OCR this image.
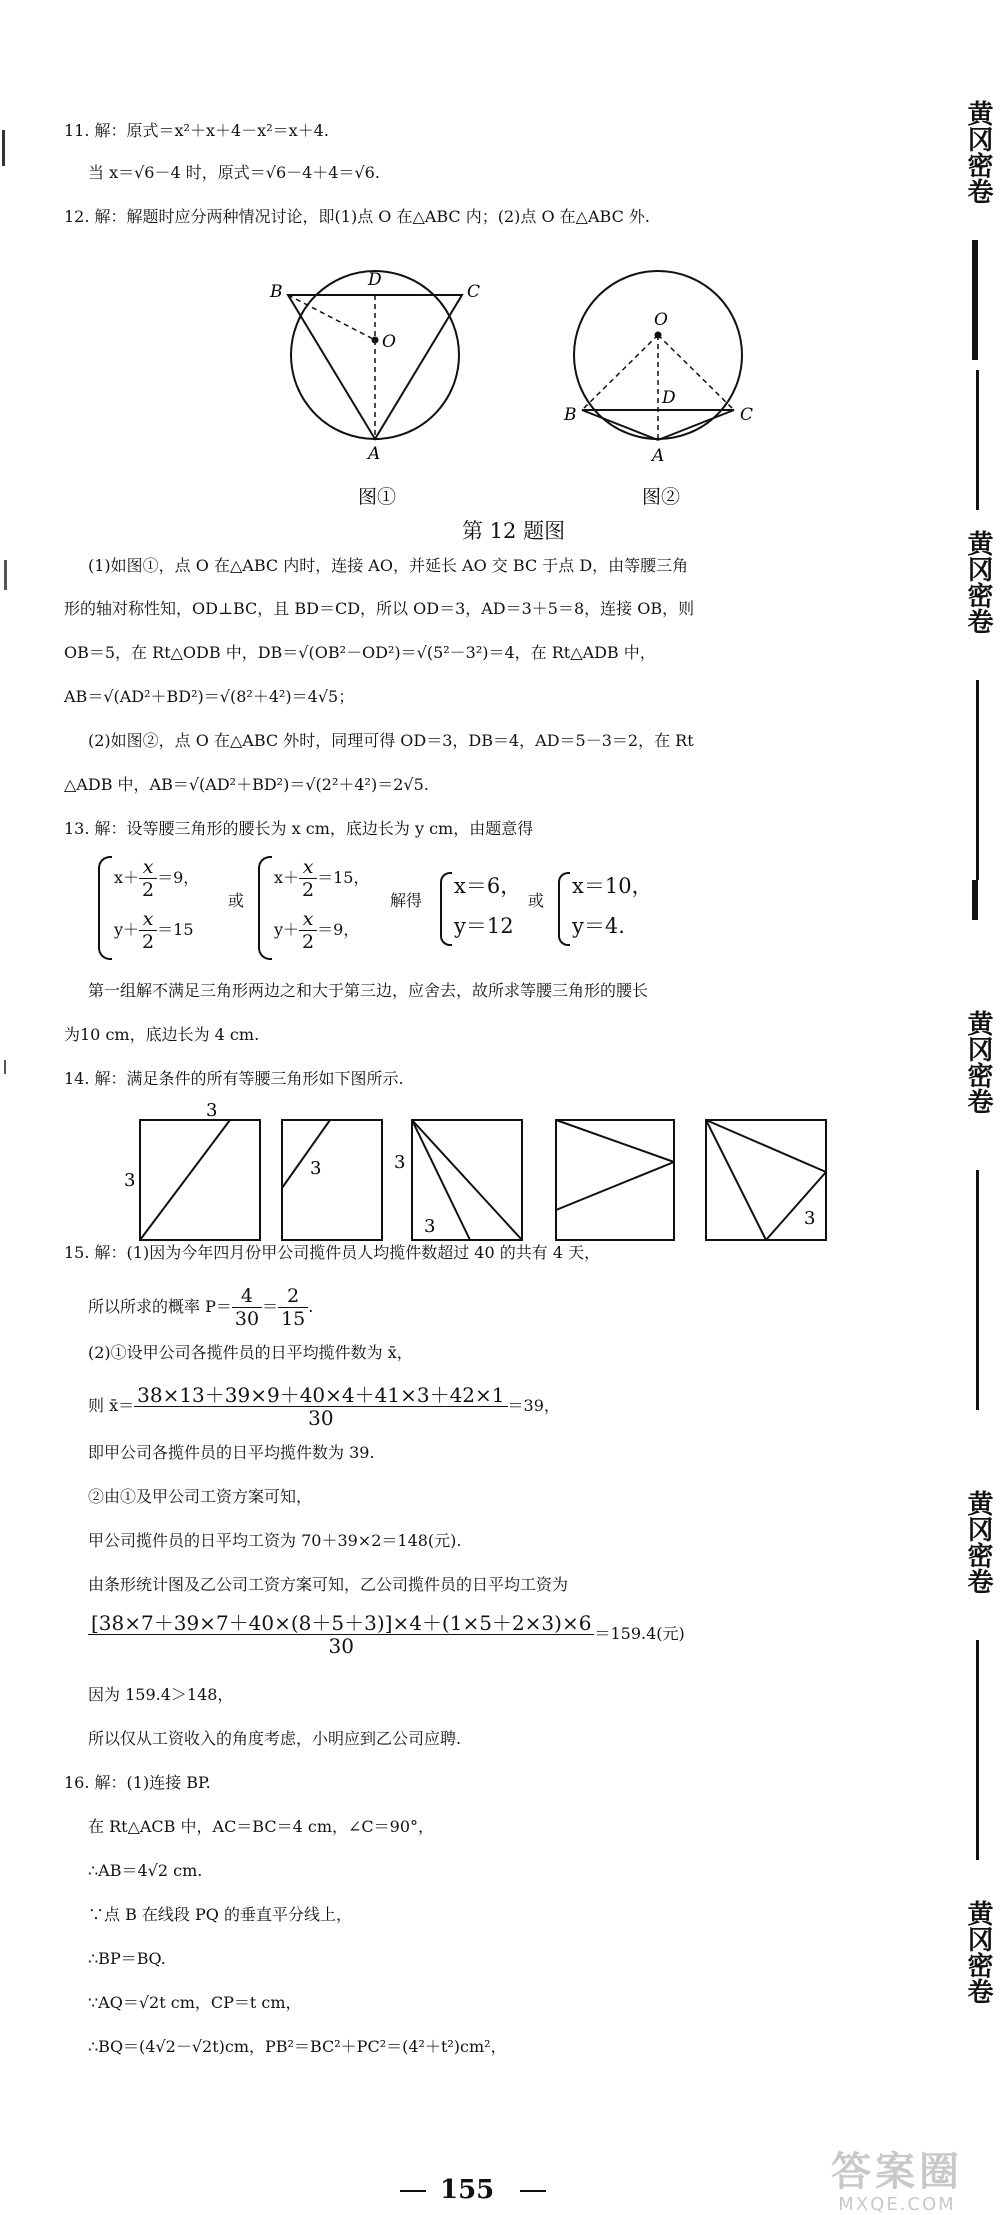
黄冈密卷
黄冈密卷
黄冈密卷
黄冈密卷
黄冈密卷
11. 解：原式＝x²＋x＋4－x²＝x＋4.
当 x＝√6－4 时，原式＝√6－4＋4＝√6.
12. 解：解题时应分两种情况讨论，即(1)点 O 在△ABC 内；(2)点 O 在△ABC 外.
B
D
C
O
A
图①
O
D
B	C
A
图②
第 12 题图
(1)如图①，点 O 在△ABC 内时，连接 AO，并延长 AO 交 BC 于点 D，由等腰三角
形的轴对称性知，OD⊥BC，且 BD＝CD，所以 OD＝3，AD＝3＋5＝8，连接 OB，则
OB＝5，在 Rt△ODB 中，DB＝√(OB²－OD²)＝√(5²－3²)＝4，在 Rt△ADB 中，
AB＝√(AD²＋BD²)＝√(8²＋4²)＝4√5；
(2)如图②，点 O 在△ABC 外时，同理可得 OD＝3，DB＝4，AD＝5－3＝2，在 Rt
△ADB 中，AB＝√(AD²＋BD²)＝√(2²＋4²)＝2√5.
13. 解：设等腰三角形的腰长为 x cm，底边长为 y cm，由题意得
$x+ \frac{x}{2} =9$，
$y+ \frac{x}{2} =15$
或
$x+ \frac{x}{2} =15$，
$y+ \frac{x}{2} =9$，
解得
x＝6，
y＝12
或
x＝10，
y＝4.
第一组解不满足三角形两边之和大于第三边，应舍去，故所求等腰三角形的腰长
为10 cm，底边长为 4 cm.
14. 解：满足条件的所有等腰三角形如下图所示.
3
3
3	3
3	3
15. 解：(1)因为今年四月份甲公司揽件员人均揽件数超过 40 的共有 4 天，
所以所求的概率 $P= \frac{4}{30} = \frac{2}{15}$ .
(2)①设甲公司各揽件员的日平均揽件数为 x̄，
则 x̄＝ $\frac{38\times 13+39\times 9+40\times 4+41\times 3+42\times 1}{30} =39$，
即甲公司各揽件员的日平均揽件数为 39.
②由①及甲公司工资方案可知，
甲公司揽件员的日平均工资为 70＋39×2＝148(元).
由条形统计图及乙公司工资方案可知，乙公司揽件员的日平均工资为
$\frac{[38\times 7+39\times 7+40\times(8+5+3)]\times 4+(1\times 5+2\times 3)\times 6}{30} =159.4$(元)
因为 159.4＞148，
所以仅从工资收入的角度考虑，小明应到乙公司应聘.
16. 解：(1)连接 BP.
在 Rt△ACB 中，AC＝BC＝4 cm，∠C＝90°，
∴AB＝4√2 cm.
∵点 B 在线段 PQ 的垂直平分线上，
∴BP＝BQ.
∵AQ＝√2t cm，CP＝t cm，
∴BQ＝(4√2－√2t)cm，PB²＝BC²＋PC²＝(4²＋t²)cm²，
155	答案圈
MXQE.COM
